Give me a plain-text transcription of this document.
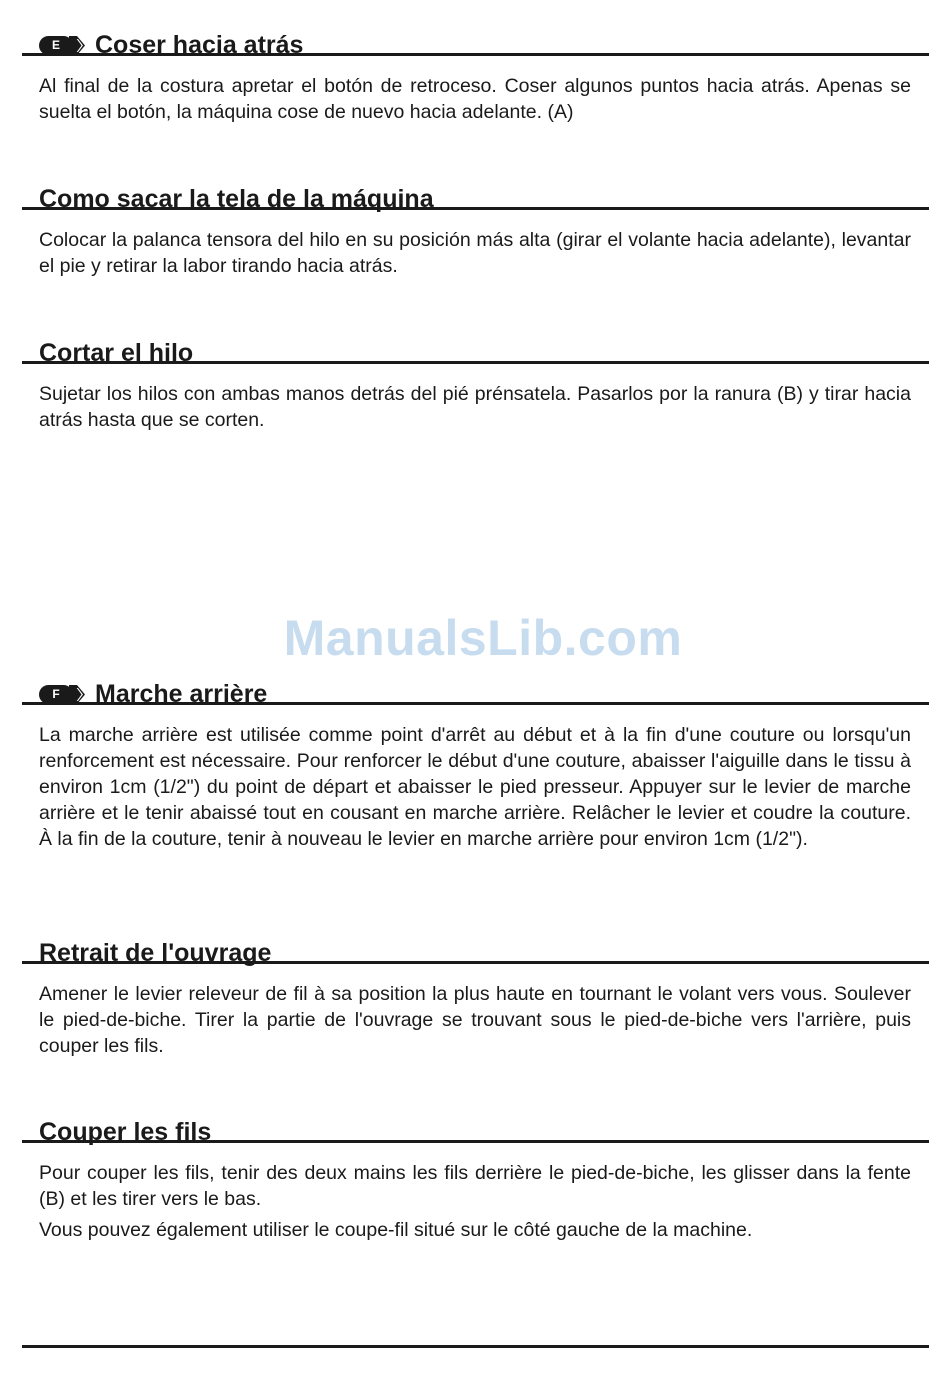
E	Coser hacia atrás

Al final de la costura apretar el botón de retroceso. Coser algunos puntos hacia atrás. Apenas se suelta el botón, la máquina cose de nuevo hacia adelante. (A)

Como sacar la tela de la máquina

Colocar la palanca tensora del hilo en su posición más alta (girar el volante hacia adelante), levantar el pie y retirar la labor tirando hacia atrás.

Cortar el hilo

Sujetar los hilos con ambas manos detrás del pié prénsatela. Pasarlos por la ranura (B) y tirar hacia atrás hasta que se corten.

ManualsLib.com
F	Marche arrière

La marche arrière est utilisée comme point d'arrêt au début et à la fin d'une couture ou lorsqu'un renforcement est nécessaire. Pour renforcer le début d'une couture, abaisser l'aiguille dans le tissu à environ 1cm (1/2") du point de départ et abaisser le pied presseur. Appuyer sur le levier de marche arrière et le tenir abaissé tout en cousant en marche arrière. Relâcher le levier et coudre la couture. À la fin de la couture, tenir à nouveau le levier en marche arrière pour environ 1cm (1/2").

Retrait de l'ouvrage

Amener le levier releveur de fil à sa position la plus haute en tournant le volant vers vous. Soulever le pied-de-biche. Tirer la partie de l'ouvrage se trouvant sous le pied-de-biche vers l'arrière, puis couper les fils.

Couper les fils

Pour couper les fils, tenir des deux mains les fils derrière le pied-de-biche, les glisser dans la fente (B) et les tirer vers le bas.

Vous pouvez également utiliser le coupe-fil situé sur le côté gauche de la machine.
